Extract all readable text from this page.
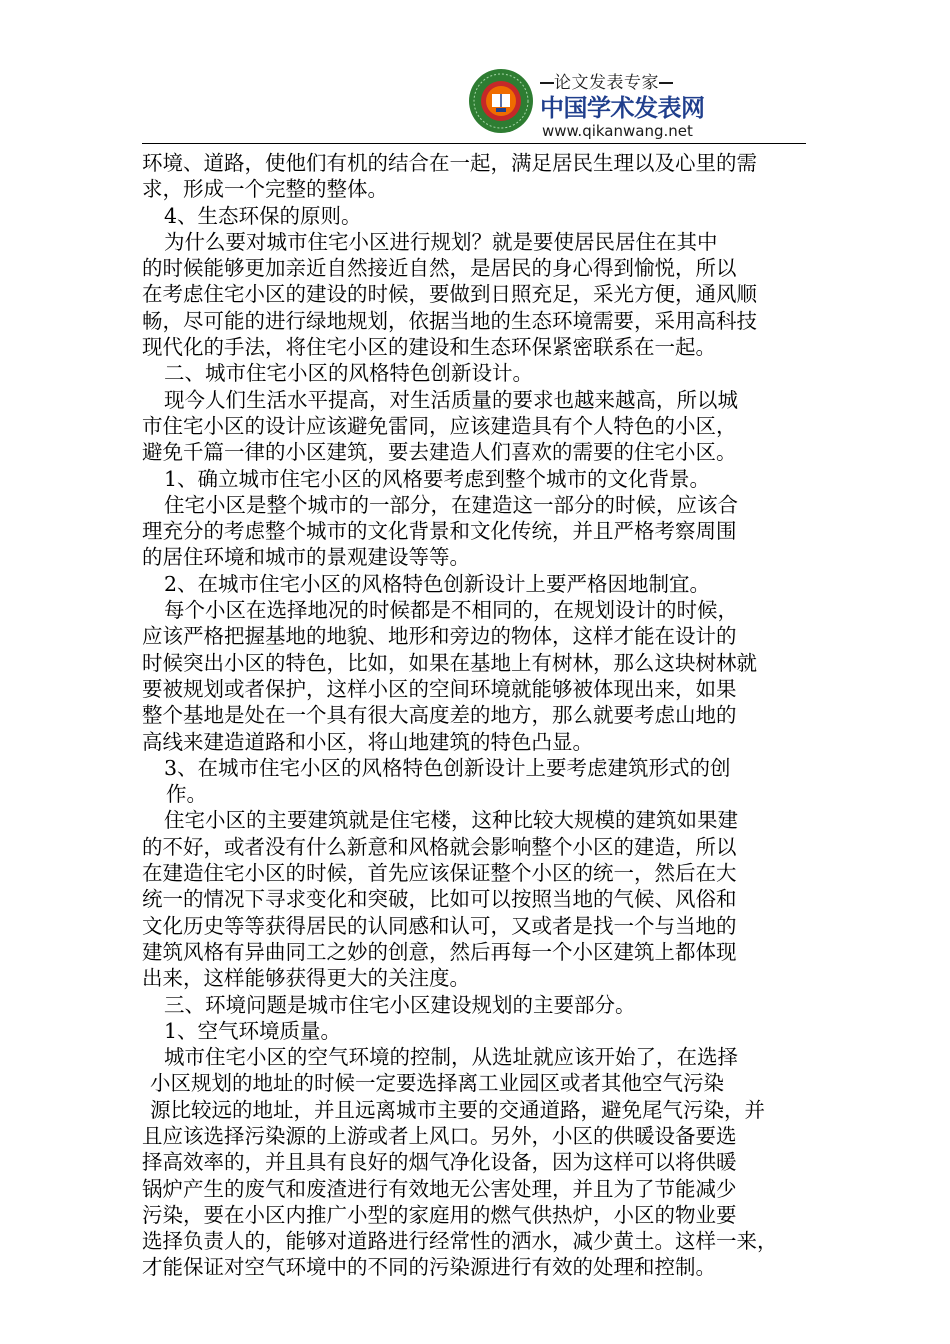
论文发表专家
中国学术发表网
www.qikanwang.net
环境、道路，使他们有机的结合在一起，满足居民生理以及心里的需
求，形成一个完整的整体。
4、生态环保的原则。
为什么要对城市住宅小区进行规划？就是要使居民居住在其中
的时候能够更加亲近自然接近自然，是居民的身心得到愉悦，所以
在考虑住宅小区的建设的时候，要做到日照充足，采光方便，通风顺
畅，尽可能的进行绿地规划，依据当地的生态环境需要，采用高科技
现代化的手法，将住宅小区的建设和生态环保紧密联系在一起。
二、城市住宅小区的风格特色创新设计。
现今人们生活水平提高，对生活质量的要求也越来越高，所以城
市住宅小区的设计应该避免雷同，应该建造具有个人特色的小区，
避免千篇一律的小区建筑，要去建造人们喜欢的需要的住宅小区。
1、确立城市住宅小区的风格要考虑到整个城市的文化背景。
住宅小区是整个城市的一部分，在建造这一部分的时候，应该合
理充分的考虑整个城市的文化背景和文化传统，并且严格考察周围
的居住环境和城市的景观建设等等。
2、在城市住宅小区的风格特色创新设计上要严格因地制宜。
每个小区在选择地况的时候都是不相同的，在规划设计的时候，
应该严格把握基地的地貌、地形和旁边的物体，这样才能在设计的
时候突出小区的特色，比如，如果在基地上有树林，那么这块树林就
要被规划或者保护，这样小区的空间环境就能够被体现出来，如果
整个基地是处在一个具有很大高度差的地方，那么就要考虑山地的
高线来建造道路和小区，将山地建筑的特色凸显。
3、在城市住宅小区的风格特色创新设计上要考虑建筑形式的创
作。
住宅小区的主要建筑就是住宅楼，这种比较大规模的建筑如果建
的不好，或者没有什么新意和风格就会影响整个小区的建造，所以
在建造住宅小区的时候，首先应该保证整个小区的统一，然后在大
统一的情况下寻求变化和突破，比如可以按照当地的气候、风俗和
文化历史等等获得居民的认同感和认可，又或者是找一个与当地的
建筑风格有异曲同工之妙的创意，然后再每一个小区建筑上都体现
出来，这样能够获得更大的关注度。
三、环境问题是城市住宅小区建设规划的主要部分。
1、空气环境质量。
城市住宅小区的空气环境的控制，从选址就应该开始了，在选择
小区规划的地址的时候一定要选择离工业园区或者其他空气污染
源比较远的地址，并且远离城市主要的交通道路，避免尾气污染，并
且应该选择污染源的上游或者上风口。另外，小区的供暖设备要选
择高效率的，并且具有良好的烟气净化设备，因为这样可以将供暖
锅炉产生的废气和废渣进行有效地无公害处理，并且为了节能减少
污染，要在小区内推广小型的家庭用的燃气供热炉，小区的物业要
选择负责人的，能够对道路进行经常性的洒水，减少黄土。这样一来，
才能保证对空气环境中的不同的污染源进行有效的处理和控制。
